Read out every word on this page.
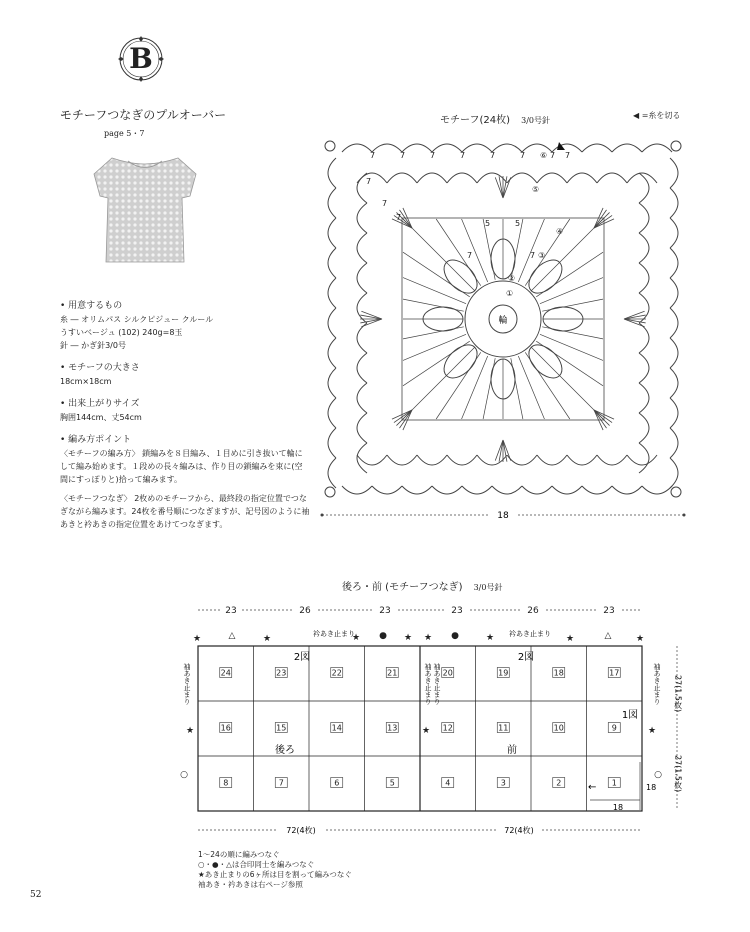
B
モチーフつなぎのプルオーバー
page 5・7
• 用意するもの
糸 ― オリムパス シルクピジュー クルール
うすいベージュ (102) 240g=8玉
針 ― かぎ針3/0号
• モチーフの大きさ
18cm×18cm
• 出来上がりサイズ
胸囲144cm、丈54cm
• 編み方ポイント
〈モチーフの編み方〉 鎖編みを８目編み、１目めに引き抜いて輪にして編み始めます。１段めの長々編みは、作り目の鎖編みを束に(空間にすっぽりと)拾って編みます。
〈モチーフつなぎ〉 2枚めのモチーフから、最終段の指定位置でつなぎながら編みます。24枚を番号順につなぎますが、記号図のように袖あきと衿あきの指定位置をあけてつなぎます。
モチーフ(24枚) 3/0号針
◀ =糸を切る
輪
7	7	7	7	7	7	7 7
7
7
7
5	5
7	7
①
②
③
④
⑤
⑥
18
後ろ・前 (モチーフつなぎ) 3/0号針
23	26	23	23	26	23
衿あき止まり	衿あき止まり
★	△	★	★ ● ★ ★ ●	★	★	△	★
2図	2図
1図
後ろ	前
袖あき止まり	袖あき止まり
袖あき止まり 袖あき止まり
★	★	★
○	○
27(1.5枚)
27(1.5枚)
18
18
←
72(4枚)	72(4枚)
24	23	22	21	20	19	18	17
16	15	14	13	12	11	10	9
8	7	6	5	4	3	2	1
1〜24の順に編みつなぐ
○・●・△は合印同士を編みつなぐ
★あき止まりの6ヶ所は目を割って編みつなぐ
袖あき・衿あきは右ページ参照
52
